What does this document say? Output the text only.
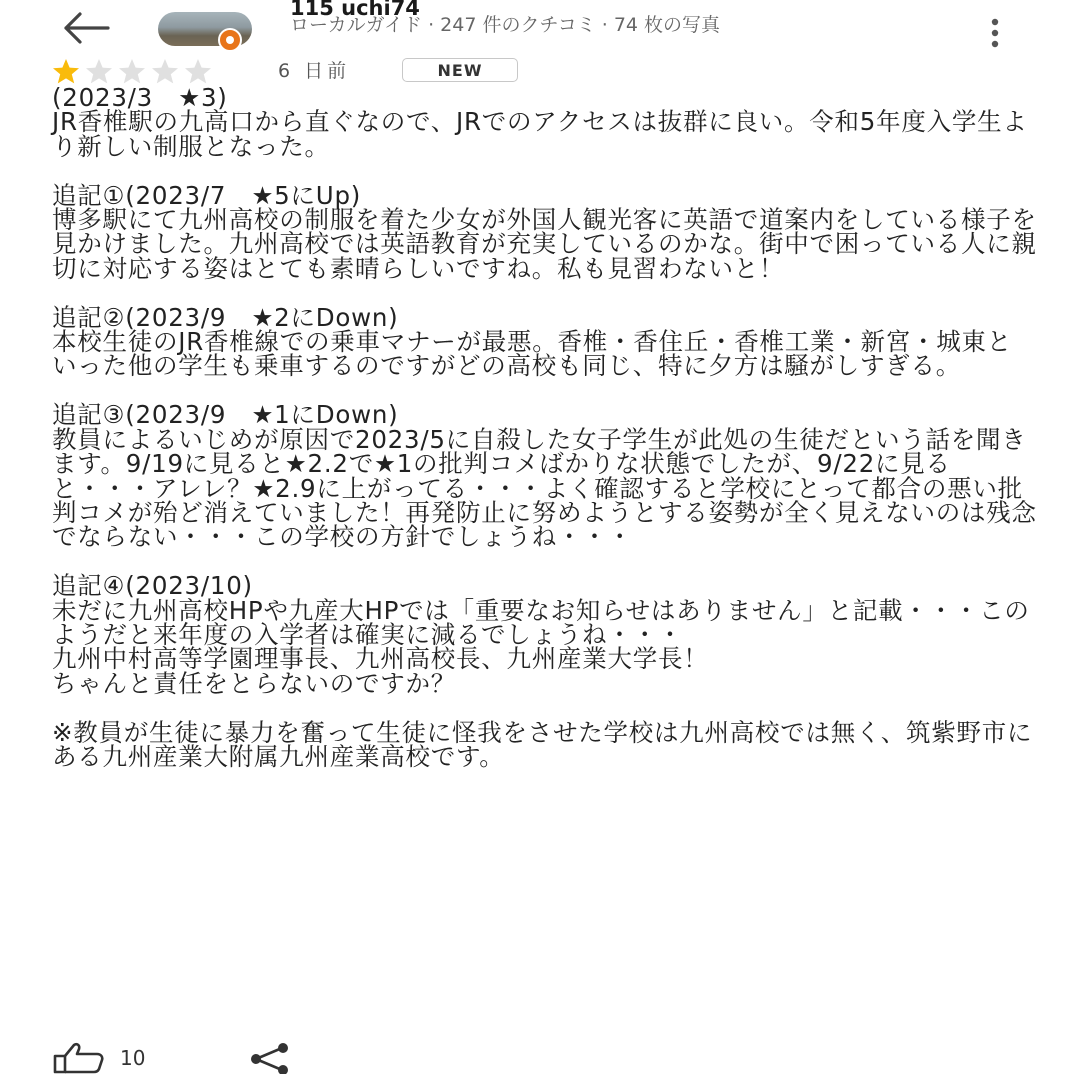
115 uchi74
ローカルガイド · 247 件のクチコミ · 74 枚の写真
6 日前	NEW
(2023/3　★3)
JR香椎駅の九高口から直ぐなので、JRでのアクセスは抜群に良い。令和5年度入学生より新しい制服となった。

追記①(2023/7　★5にUp)
博多駅にて九州高校の制服を着た少女が外国人観光客に英語で道案内をしている様子を見かけました。九州高校では英語教育が充実しているのかな。街中で困っている人に親切に対応する姿はとても素晴らしいですね。私も見習わないと！

追記②(2023/9　★2にDown)
本校生徒のJR香椎線での乗車マナーが最悪。香椎・香住丘・香椎工業・新宮・城東といった他の学生も乗車するのですがどの高校も同じ、特に夕方は騒がしすぎる。

追記③(2023/9　★1にDown)
教員によるいじめが原因で2023/5に自殺した女子学生が此処の生徒だという話を聞きます。9/19に見ると★2.2で★1の批判コメばかりな状態でしたが、9/22に見ると・・・アレレ？★2.9に上がってる・・・よく確認すると学校にとって都合の悪い批判コメが殆ど消えていました！再発防止に努めようとする姿勢が全く見えないのは残念でならない・・・この学校の方針でしょうね・・・

追記④(2023/10)
未だに九州高校HPや九産大HPでは「重要なお知らせはありません」と記載・・・このようだと来年度の入学者は確実に減るでしょうね・・・
九州中村高等学園理事長、九州高校長、九州産業大学長！
ちゃんと責任をとらないのですか？

※教員が生徒に暴力を奮って生徒に怪我をさせた学校は九州高校では無く、筑紫野市にある九州産業大附属九州産業高校です。
10
